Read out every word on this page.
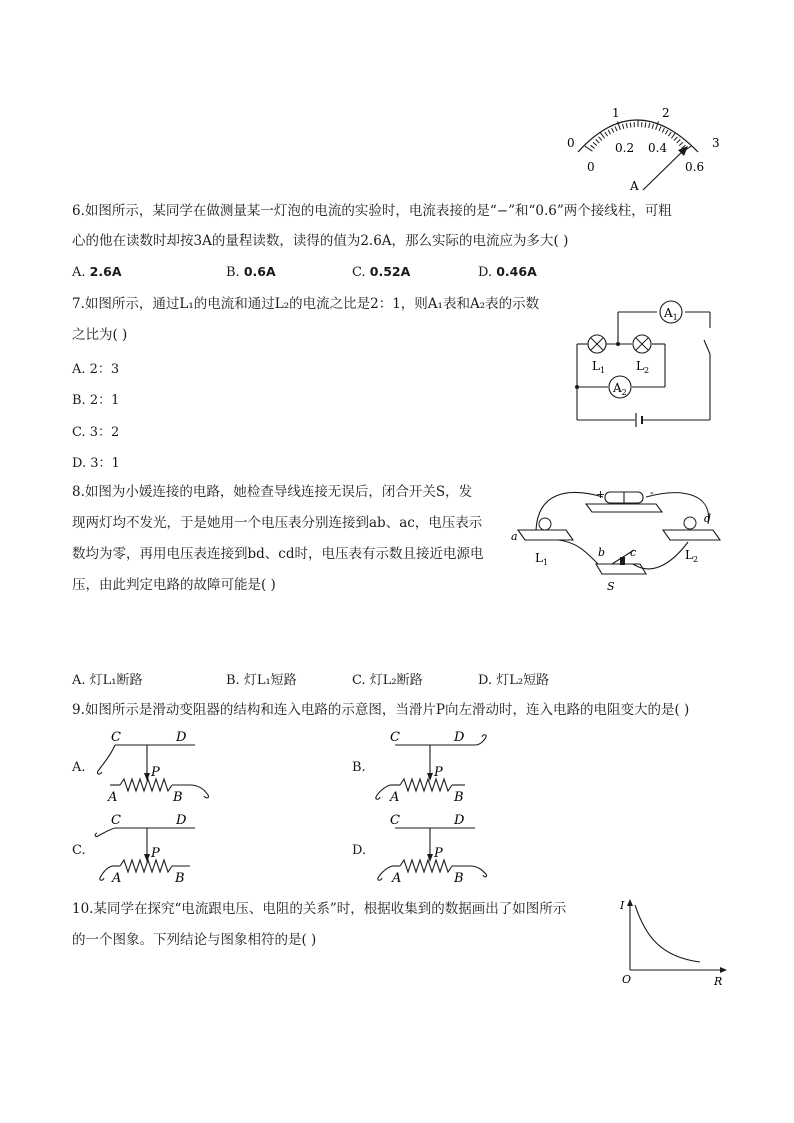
0
1	2
3
0
0.2 0.4
0.6
A
6.如图所示，某同学在做测量某一灯泡的电流的实验时，电流表接的是“−”和“0.6”两个接线柱，可粗
心的他在读数时却按3A的量程读数，读得的值为2.6A，那么实际的电流应为多大( )
A. 2.6A	B. 0.6A	C. 0.52A	D. 0.46A
7.如图所示，通过L₁的电流和通过L₂的电流之比是2：1，则A₁表和A₂表的示数
之比为( )
A. 2：3
B. 2：1
C. 3：2
D. 3：1
$A_1$
$A_2$
$L_1$	$L_2$
8.如图为小媛连接的电路，她检查导线连接无误后，闭合开关S，发
现两灯均不发光，于是她用一个电压表分别连接到ab、ac，电压表示
数均为零，再用电压表连接到bd、cd时，电压表有示数且接近电源电
压，由此判定电路的故障可能是( )
A. 灯L₁断路	B. 灯L₁短路	C. 灯L₂断路	D. 灯L₂短路
+	-
a
b c
d
$L_1$
$L_2$
S
9.如图所示是滑动变阻器的结构和连入电路的示意图，当滑片P向左滑动时，连入电路的电阻变大的是( )
A.
C	D
P
A	B
B.
C	D
P
A	B
C.
C	D
P
A	B
D.
C	D
P
A	B
10.某同学在探究“电流跟电压、电阻的关系”时，根据收集到的数据画出了如图所示
的一个图象。下列结论与图象相符的是( )
I
R
O
